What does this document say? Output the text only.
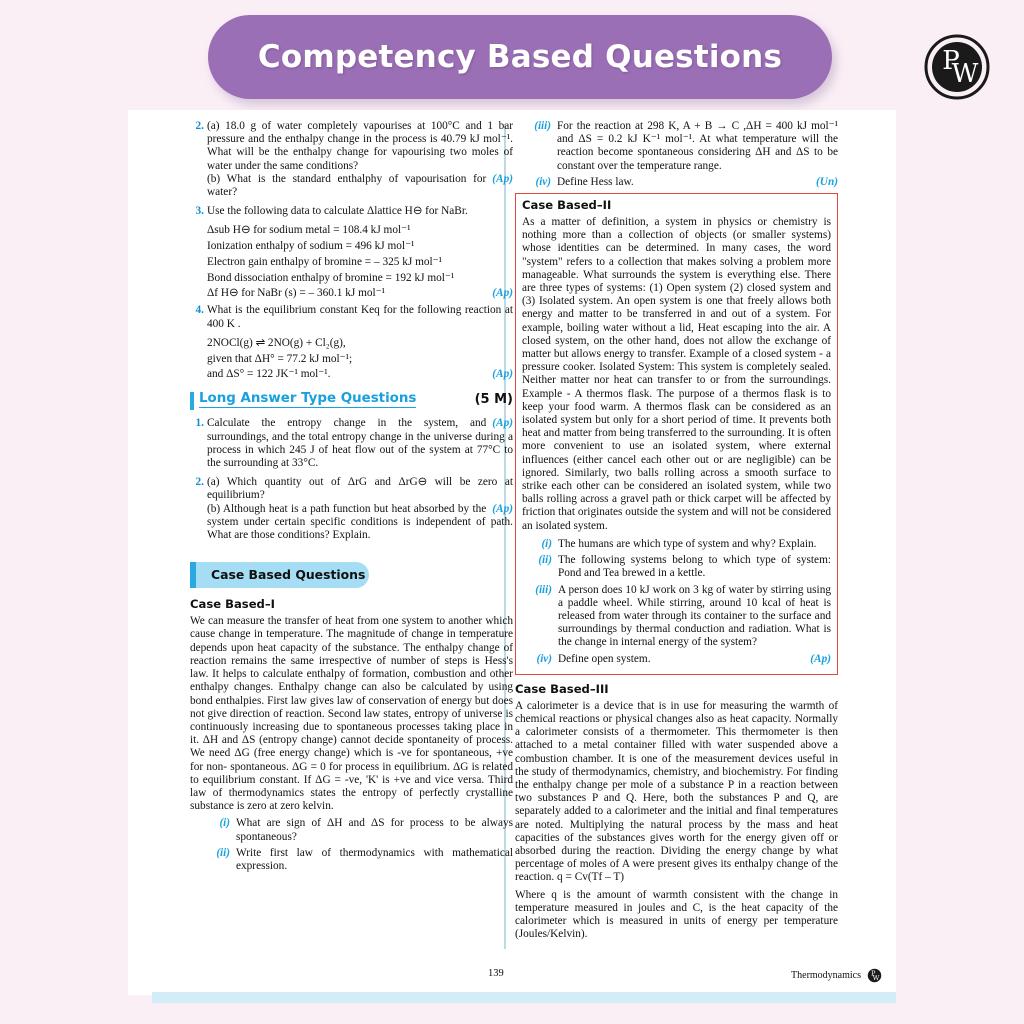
Competency Based Questions	P
W
2. (a) 18.0 g of water completely vapourises at 100°C and 1 bar pressure and the enthalpy change in the process is 40.79 kJ mol⁻¹. What will be the enthalpy change for vapourising two moles of water under the same conditions?
(Ap)
(b) What is the standard enthalphy of vapourisation for water?
3. Use the following data to calculate Δlattice H⊖ for NaBr.
Δsub H⊖ for sodium metal = 108.4 kJ mol⁻¹
Ionization enthalpy of sodium = 496 kJ mol⁻¹
Electron gain enthalpy of bromine = – 325 kJ mol⁻¹
Bond dissociation enthalpy of bromine = 192 kJ mol⁻¹
(Ap)
Δf H⊖ for NaBr (s) = – 360.1 kJ mol⁻¹
4. What is the equilibrium constant Keq for the following reaction at 400 K .
2NOCl(g) ⇌ 2NO(g) + Cl₂(g),
given that ΔH° = 77.2 kJ mol⁻¹;
(Ap)
and ΔS° = 122 JK⁻¹ mol⁻¹.
Long Answer Type Questions	(5 M)
1.	(Ap)
Calculate the entropy change in the system, and surroundings, and the total entropy change in the universe during a process in which 245 J of heat flow out of the system at 77°C to the surrounding at 33°C.
2. (a) Which quantity out of ΔrG and ΔrG⊖ will be zero at equilibrium?
(Ap)
(b) Although heat is a path function but heat absorbed by the system under certain specific conditions is independent of path. What are those conditions? Explain.
Case Based Questions
Case Based–I
We can measure the transfer of heat from one system to another which cause change in temperature. The magnitude of change in temperature depends upon heat capacity of the substance. The enthalpy change of reaction remains the same irrespective of number of steps is Hess's law. It helps to calculate enthalpy of formation, combustion and other enthalpy changes. Enthalpy change can also be calculated by using bond enthalpies. First law gives law of conservation of energy but does not give direction of reaction. Second law states, entropy of universe is continuously increasing due to spontaneous processes taking place in it. ΔH and ΔS (entropy change) cannot decide spontaneity of process. We need ΔG (free energy change) which is -ve for spontaneous, +ve for non- spontaneous. ΔG = 0 for process in equilibrium. ΔG is related to equilibrium constant. If ΔG = -ve, 'K' is +ve and vice versa. Third law of thermodynamics states the entropy of perfectly crystalline substance is zero at zero kelvin.
(i) What are sign of ΔH and ΔS for process to be always spontaneous?
(ii) Write first law of thermodynamics with mathematical expression.
(iii) For the reaction at 298 K, A + B → C ,ΔH = 400 kJ mol⁻¹ and ΔS = 0.2 kJ K⁻¹ mol⁻¹. At what temperature will the reaction become spontaneous considering ΔH and ΔS to be constant over the temperature range.
(iv)	(Un)
Define Hess law.
Case Based–II
As a matter of definition, a system in physics or chemistry is nothing more than a collection of objects (or smaller systems) whose identities can be determined. In many cases, the word "system" refers to a collection that makes solving a problem more manageable. What surrounds the system is everything else. There are three types of systems: (1) Open system (2) closed system and (3) Isolated system. An open system is one that freely allows both energy and matter to be transferred in and out of a system. For example, boiling water without a lid, Heat escaping into the air. A closed system, on the other hand, does not allow the exchange of matter but allows energy to transfer. Example of a closed system - a pressure cooker. Isolated System: This system is completely sealed. Neither matter nor heat can transfer to or from the surroundings. Example - A thermos flask. The purpose of a thermos flask is to keep your food warm. A thermos flask can be considered as an isolated system but only for a short period of time. It prevents both heat and matter from being transferred to the surrounding. It is often more convenient to use an isolated system, where external influences (either cancel each other out or are negligible) can be ignored. Similarly, two balls rolling across a smooth surface to strike each other can be considered an isolated system, while two balls rolling across a gravel path or thick carpet will be affected by friction that originates outside the system and will not be considered an isolated system.
(i) The humans are which type of system and why? Explain.
(ii) The following systems belong to which type of system: Pond and Tea brewed in a kettle.
(iii) A person does 10 kJ work on 3 kg of water by stirring using a paddle wheel. While stirring, around 10 kcal of heat is released from water through its container to the surface and surroundings by thermal conduction and radiation. What is the change in internal energy of the system?
(iv)	(Ap)
Define open system.
Case Based–III
A calorimeter is a device that is in use for measuring the warmth of chemical reactions or physical changes also as heat capacity. Normally a calorimeter consists of a thermometer. This thermometer is then attached to a metal container filled with water suspended above a combustion chamber. It is one of the measurement devices useful in the study of thermodynamics, chemistry, and biochemistry. For finding the enthalpy change per mole of a substance P in a reaction between two substances P and Q. Here, both the substances P and Q, are separately added to a calorimeter and the initial and final temperatures are noted. Multiplying the natural process by the mass and heat capacities of the substances gives worth for the energy given off or absorbed during the reaction. Dividing the energy change by what percentage of moles of A were present gives its enthalpy change of the reaction. q = Cv(Tf – T)
Where q is the amount of warmth consistent with the change in temperature measured in joules and C, is the heat capacity of the calorimeter which is measured in units of energy per temperature (Joules/Kelvin).
139	Thermodynamics P
W
